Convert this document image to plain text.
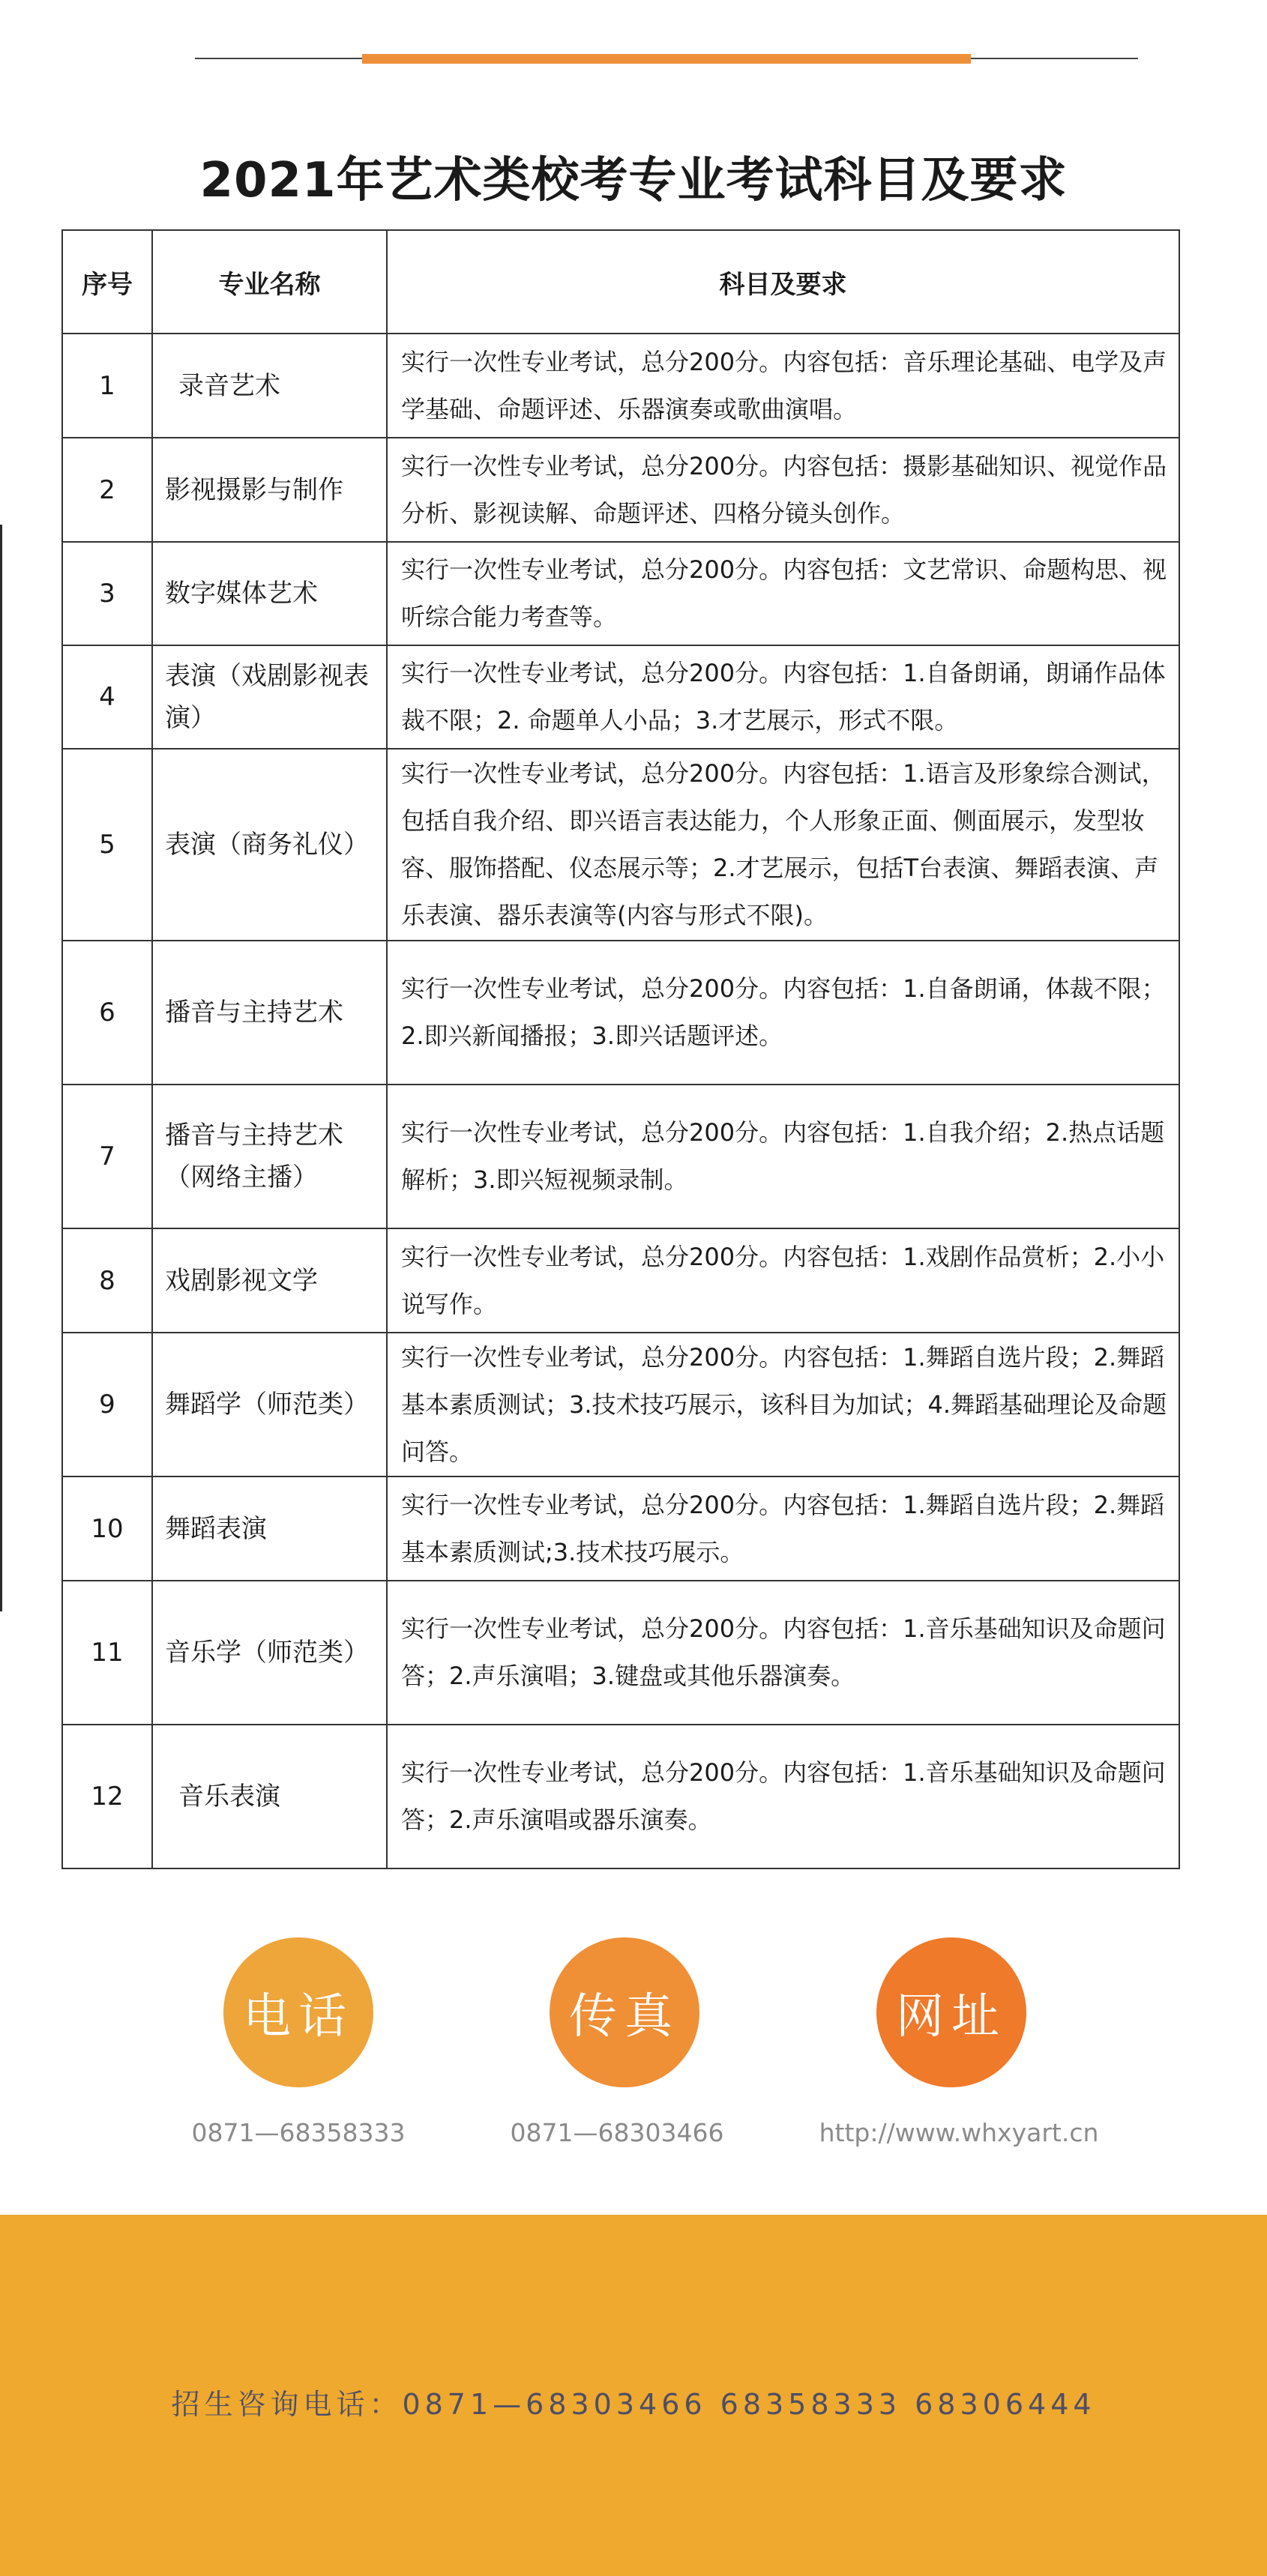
2021年艺术类校考专业考试科目及要求
序号	专业名称	科目及要求
1	录音艺术	实行一次性专业考试，总分200分。内容包括：音乐理论基础、电学及声学基础、命题评述、乐器演奏或歌曲演唱。
2	影视摄影与制作	实行一次性专业考试，总分200分。内容包括：摄影基础知识、视觉作品分析、影视读解、命题评述、四格分镜头创作。
3	数字媒体艺术	实行一次性专业考试，总分200分。内容包括：文艺常识、命题构思、视听综合能力考查等。
4	表演（戏剧影视表演）	实行一次性专业考试，总分200分。内容包括：1.自备朗诵，朗诵作品体裁不限；2. 命题单人小品；3.才艺展示，形式不限。
5	表演（商务礼仪）	实行一次性专业考试，总分200分。内容包括：1.语言及形象综合测试，包括自我介绍、即兴语言表达能力，个人形象正面、侧面展示，发型妆容、服饰搭配、仪态展示等；2.才艺展示，包括T台表演、舞蹈表演、声乐表演、器乐表演等(内容与形式不限)。
6	播音与主持艺术	实行一次性专业考试，总分200分。内容包括：1.自备朗诵，体裁不限；2.即兴新闻播报；3.即兴话题评述。
7	播音与主持艺术（网络主播）	实行一次性专业考试，总分200分。内容包括：1.自我介绍；2.热点话题解析；3.即兴短视频录制。
8	戏剧影视文学	实行一次性专业考试，总分200分。内容包括：1.戏剧作品赏析；2.小小说写作。
9	舞蹈学（师范类）	实行一次性专业考试，总分200分。内容包括：1.舞蹈自选片段；2.舞蹈基本素质测试；3.技术技巧展示，该科目为加试；4.舞蹈基础理论及命题问答。
10	舞蹈表演	实行一次性专业考试，总分200分。内容包括：1.舞蹈自选片段；2.舞蹈基本素质测试;3.技术技巧展示。
11	音乐学（师范类）	实行一次性专业考试，总分200分。内容包括：1.音乐基础知识及命题问答；2.声乐演唱；3.键盘或其他乐器演奏。
12	音乐表演	实行一次性专业考试，总分200分。内容包括：1.音乐基础知识及命题问答；2.声乐演唱或器乐演奏。
电话	传真	网址
0871—68358333	0871—68303466	http://www.whxyart.cn
招生咨询电话：0871—68303466 68358333 68306444
